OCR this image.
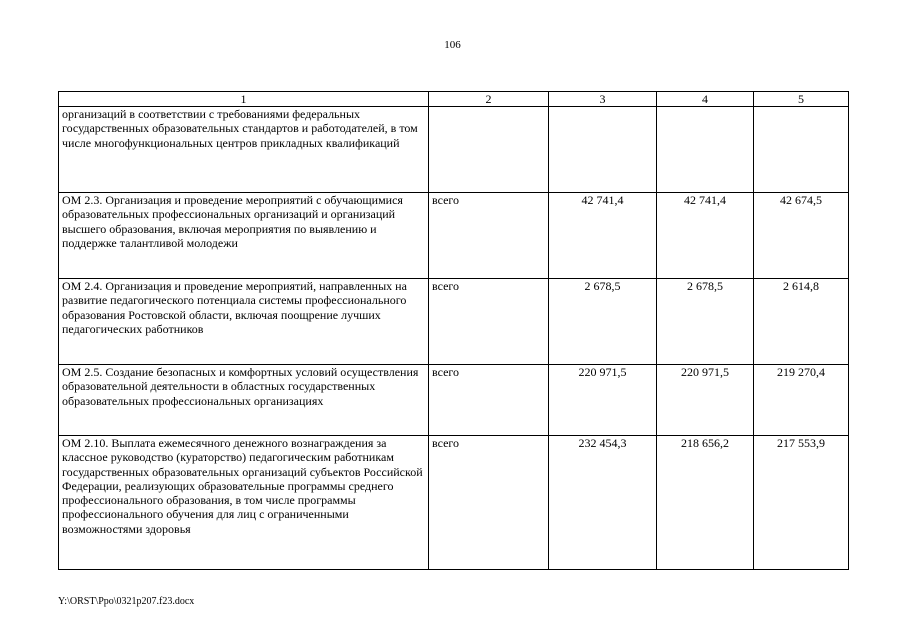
106
1	2	3	4	5
организаций в соответствии с требованиями федеральных государственных образовательных стандартов и работодателей, в том числе многофункциональных центров прикладных квалификаций				
ОМ 2.3. Организация и проведение мероприятий с обучающимися образовательных профессиональных организаций и организаций высшего образования, включая мероприятия по выявлению и поддержке талантливой молодежи	всего	42 741,4	42 741,4	42 674,5
ОМ 2.4. Организация и проведение мероприятий, направленных на развитие педагогического потенциала системы профессионального образования Ростовской области, включая поощрение лучших педагогических работников	всего	2 678,5	2 678,5	2 614,8
ОМ 2.5. Создание безопасных и комфортных условий осуществления образовательной деятельности в областных государственных образовательных профессиональных организациях	всего	220 971,5	220 971,5	219 270,4
ОМ 2.10. Выплата ежемесячного денежного вознаграждения за классное руководство (кураторство) педагогическим работникам государственных образовательных организаций субъектов Российской Федерации, реализующих образовательные программы среднего профессионального образования, в том числе программы профессионального обучения для лиц с ограниченными возможностями здоровья	всего	232 454,3	218 656,2	217 553,9
Y:\ORST\Ppo\0321p207.f23.docx
